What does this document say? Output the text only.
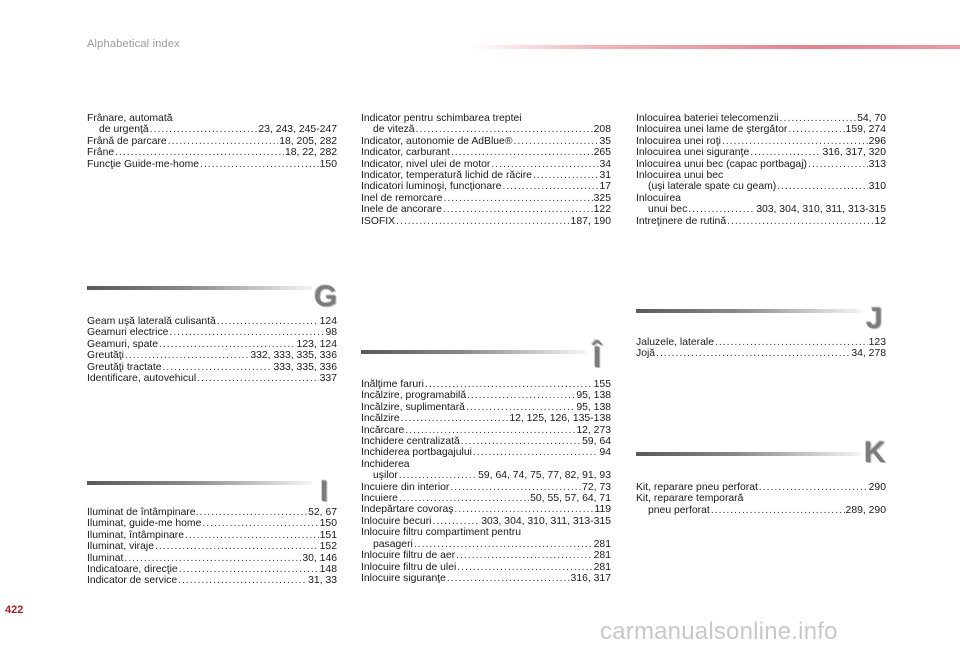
Alphabetical index
Frânare, automată
de urgenţă .....	23, 243, 245-247
Frână de parcare .....	18, 205, 282
Frâne .....	18, 22, 282
Funcţie Guide-me-home .....	150
G
Geam uşă laterală culisantă .....	124
Geamuri electrice .....	98
Geamuri, spate .....	123, 124
Greutăţi .....	332, 333, 335, 336
Greutăţi tractate .....	333, 335, 336
Identificare, autovehicul .....	337
I
Iluminat de întâmpinare. .....	52, 67
Iluminat, guide-me home .....	150
Iluminat, întâmpinare .....	151
Iluminat, viraje .....	152
Iluminat .....	30, 146
Indicatoare, direcţie .....	148
Indicator de service .....	31, 33
Indicator pentru schimbarea treptei
de viteză .....	208
Indicator, autonomie de AdBlue® .....	35
Indicator, carburant .....	265
Indicator, nivel ulei de motor .....	34
Indicator, temperatură lichid de răcire .....	31
Indicatori luminoşi, funcţionare .....	17
Inel de remorcare .....	325
Inele de ancorare .....	122
ISOFIX .....	187, 190
Î
Înălţime faruri .....	155
Încălzire, programabilă .....	95, 138
Încălzire, suplimentară .....	95, 138
Încălzire .....	12, 125, 126, 135-138
Încărcare .....	12, 273
Închidere centralizată .....	59, 64
Închiderea portbagajului .....	94
Închiderea
uşilor .....	59, 64, 74, 75, 77, 82, 91, 93
Încuiere din interior .....	72, 73
Încuiere .....	50, 55, 57, 64, 71
Îndepărtare covoraş .....	119
Înlocuire becuri .....	303, 304, 310, 311, 313-315
Înlocuire filtru compartiment pentru
pasageri .....	281
Înlocuire filtru de aer .....	281
Înlocuire filtru de ulei .....	281
Înlocuire siguranţe .....	316, 317
Înlocuirea bateriei telecomenzii .....	54, 70
Înlocuirea unei lame de ştergător .....	159, 274
Înlocuirea unei roţi .....	296
Înlocuirea unei siguranţe .....	316, 317, 320
Înlocuirea unui bec (capac portbagaj) .....	313
Înlocuirea unui bec
(uşi laterale spate cu geam) .....	310
Înlocuirea
unui bec .....	303, 304, 310, 311, 313-315
Întreţinere de rutină .....	12
J
Jaluzele, laterale .....	123
Jojă .....	34, 278
K
Kit, reparare pneu perforat .....	290
Kit, reparare temporară
pneu perforat .....	289, 290
422
carmanualsonline.info
